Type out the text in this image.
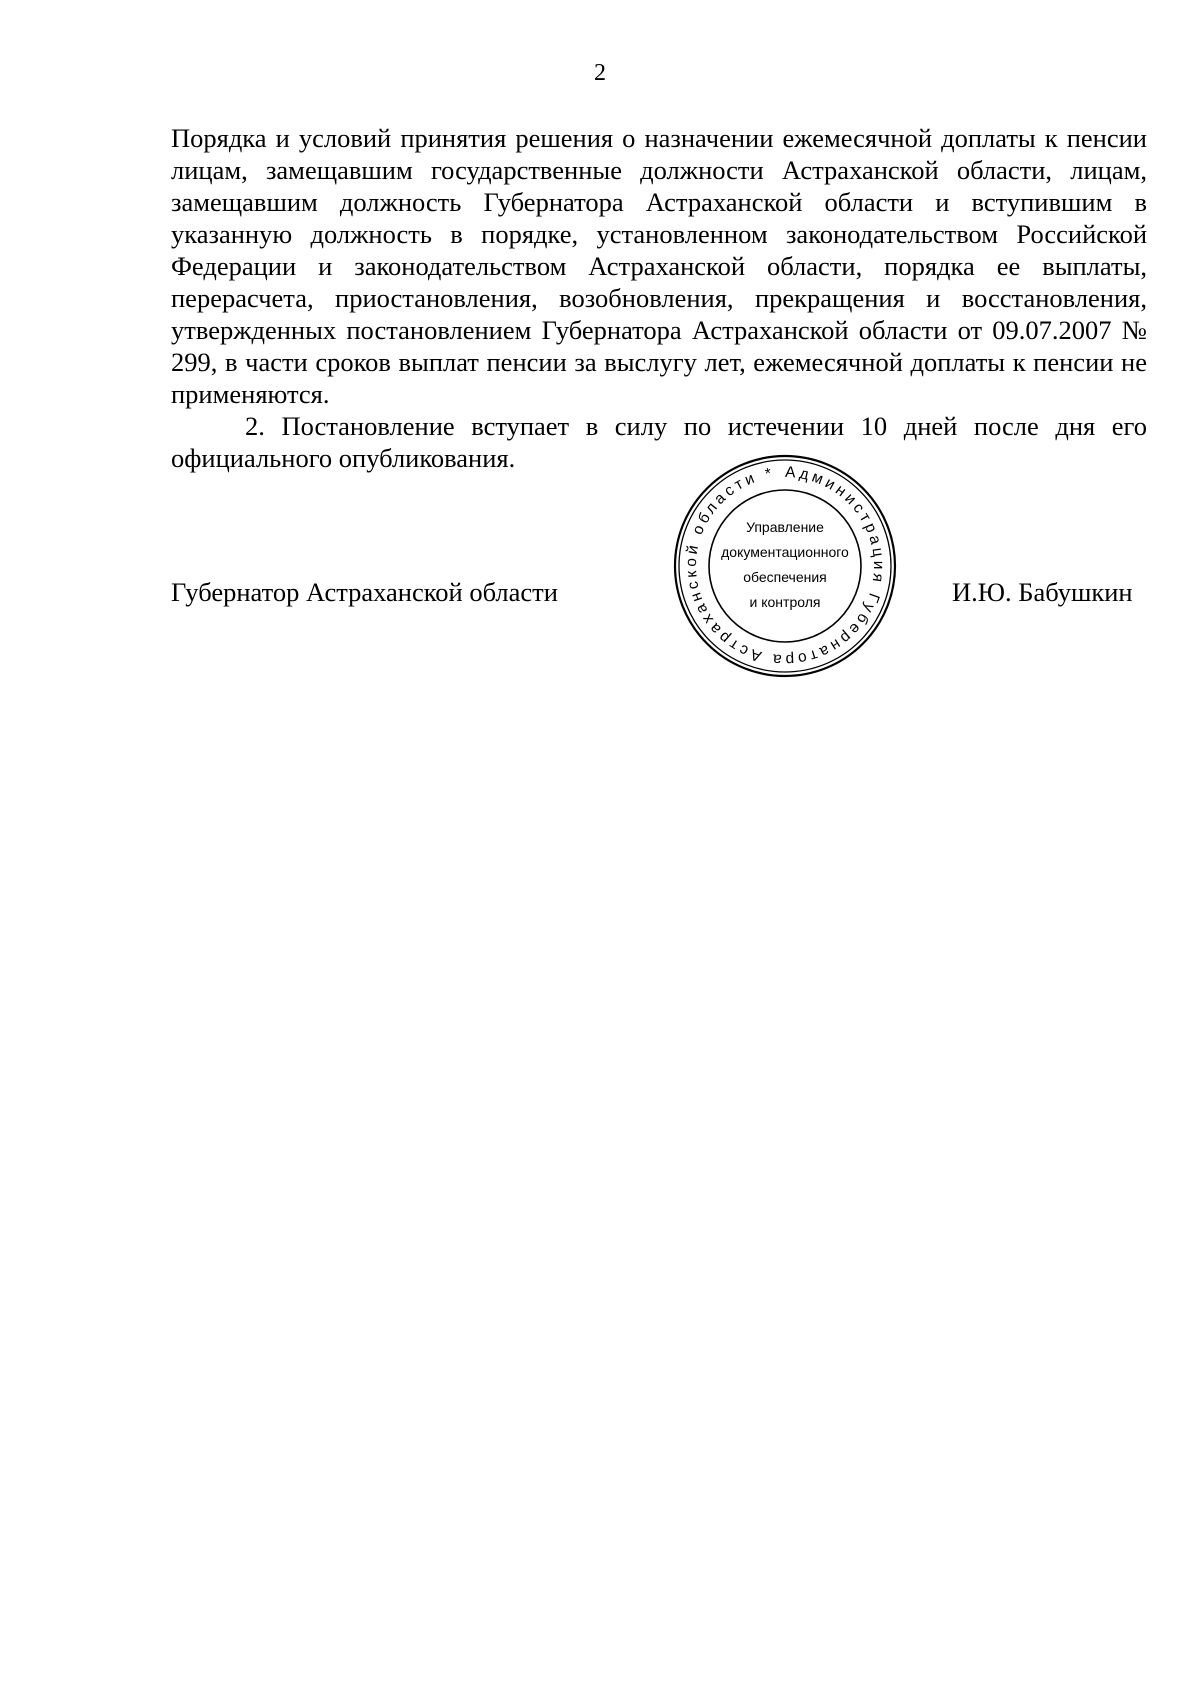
2

Порядка и условий принятия решения о назначении ежемесячной доплаты к пенсии лицам, замещавшим государственные должности Астраханской области, лицам, замещавшим должность Губернатора Астраханской области и вступившим в указанную должность в порядке, установленном законодательством Российской Федерации и законодательством Астраханской области, порядка ее выплаты, перерасчета, приостановления, возобновления, прекращения и восстановления, утвержденных постановлением Губернатора Астраханской области от 09.07.2007 № 299, в части сроков выплат пенсии за выслугу лет, ежемесячной доплаты к пенсии не применяются.

2. Постановление вступает в силу по истечении 10 дней после дня его официального опубликования.

Губернатор Астраханской области
Администрация Губернатора Астраханской области *
Управление
документационного
обеспечения
и контроля	И.Ю. Бабушкин
